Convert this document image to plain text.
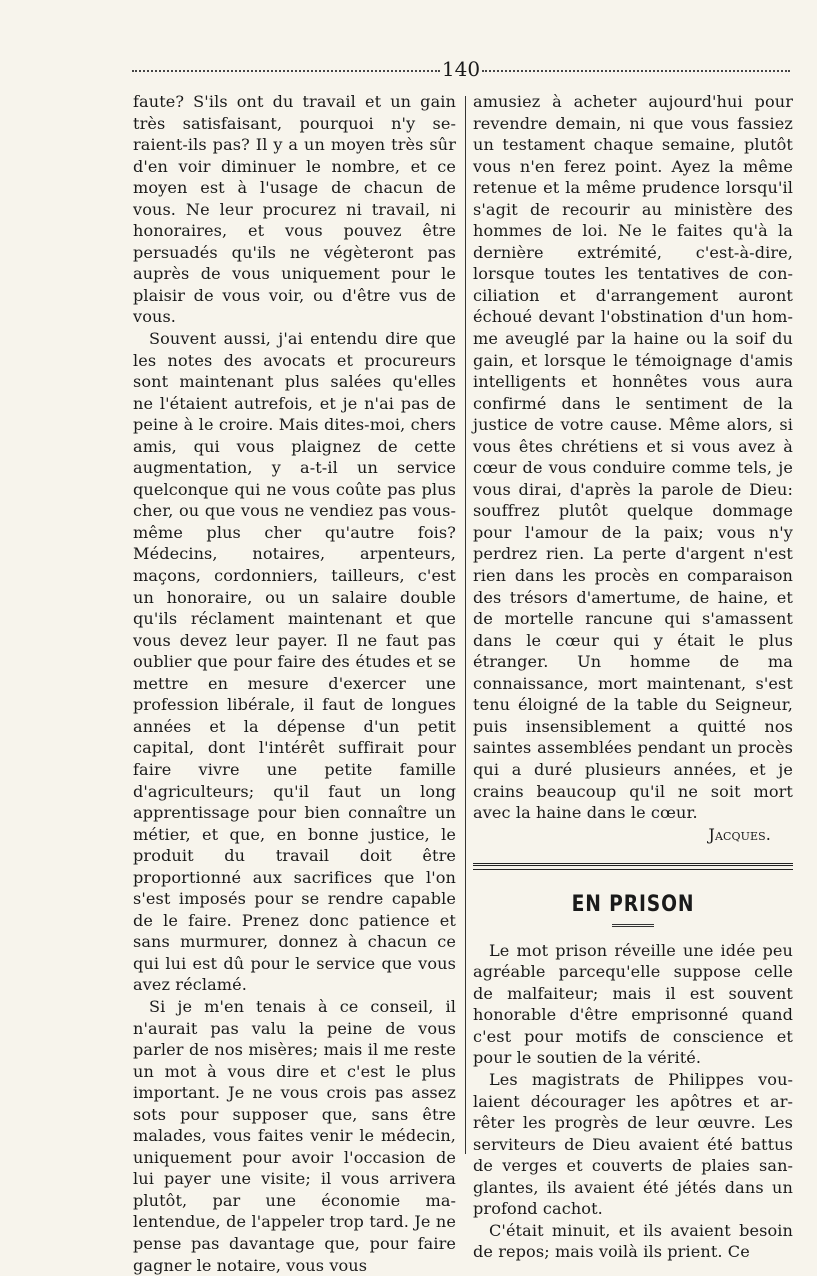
140

faute? S'ils ont du travail et un gain très satisfaisant, pourquoi n'y seraient-ils pas? Il y a un moyen très sûr d'en voir diminuer le nombre, et ce moyen est à l'usage de chacun de vous. Ne leur procurez ni travail, ni honoraires, et vous pouvez être persuadés qu'ils ne végèteront pas auprès de vous uniquement pour le plaisir de vous voir, ou d'être vus de vous.

Souvent aussi, j'ai entendu dire que les notes des avocats et procureurs sont maintenant plus salées qu'elles ne l'étaient autrefois, et je n'ai pas de peine à le croire. Mais dites-moi, chers amis, qui vous plaignez de cette augmentation, y a-t-il un service quelconque qui ne vous coûte pas plus cher, ou que vous ne vendiez pas vous-même plus cher qu'autre fois? Médecins, notaires, arpenteurs, maçons, cordonniers, tailleurs, c'est un honoraire, ou un salaire double qu'ils réclament maintenant et que vous devez leur payer. Il ne faut pas oublier que pour faire des études et se mettre en mesure d'exercer une profession libérale, il faut de longues années et la dépense d'un petit capital, dont l'intérêt suffirait pour faire vivre une petite famille d'agriculteurs; qu'il faut un long apprentissage pour bien connaître un métier, et que, en bonne justice, le produit du travail doit être proportionné aux sacrifices que l'on s'est imposés pour se rendre capable de le faire. Prenez donc patience et sans murmurer, donnez à chacun ce qui lui est dû pour le service que vous avez réclamé.

Si je m'en tenais à ce conseil, il n'aurait pas valu la peine de vous parler de nos misères; mais il me reste un mot à vous dire et c'est le plus important. Je ne vous crois pas assez sots pour supposer que, sans être malades, vous faites venir le médecin, uniquement pour avoir l'occasion de lui payer une visite; il vous arrivera plutôt, par une économie malentendue, de l'appeler trop tard. Je ne pense pas davantage que, pour faire gagner le notaire, vous vous

amusiez à acheter aujourd'hui pour revendre demain, ni que vous fassiez un testament chaque semaine, plutôt vous n'en ferez point. Ayez la même retenue et la même prudence lorsqu'il s'agit de recourir au ministère des hommes de loi. Ne le faites qu'à la dernière extrémité, c'est-à-dire, lorsque toutes les tentatives de conciliation et d'arrangement auront échoué devant l'obstination d'un homme aveuglé par la haine ou la soif du gain, et lorsque le témoignage d'amis intelligents et honnêtes vous aura confirmé dans le sentiment de la justice de votre cause. Même alors, si vous êtes chrétiens et si vous avez à cœur de vous conduire comme tels, je vous dirai, d'après la parole de Dieu: souffrez plutôt quelque dommage pour l'amour de la paix; vous n'y perdrez rien. La perte d'argent n'est rien dans les procès en comparaison des trésors d'amertume, de haine, et de mortelle rancune qui s'amassent dans le cœur qui y était le plus étranger. Un homme de ma connaissance, mort maintenant, s'est tenu éloigné de la table du Seigneur, puis insensiblement a quitté nos saintes assemblées pendant un procès qui a duré plusieurs années, et je crains beaucoup qu'il ne soit mort avec la haine dans le cœur.

Jacques.

EN PRISON

Le mot prison réveille une idée peu agréable parcequ'elle suppose celle de malfaiteur; mais il est souvent honorable d'être emprisonné quand c'est pour motifs de conscience et pour le soutien de la vérité.

Les magistrats de Philippes voulaient décourager les apôtres et arrêter les progrès de leur œuvre. Les serviteurs de Dieu avaient été battus de verges et couverts de plaies sanglantes, ils avaient été jétés dans un profond cachot.

C'était minuit, et ils avaient besoin de repos; mais voilà ils prient. Ce
